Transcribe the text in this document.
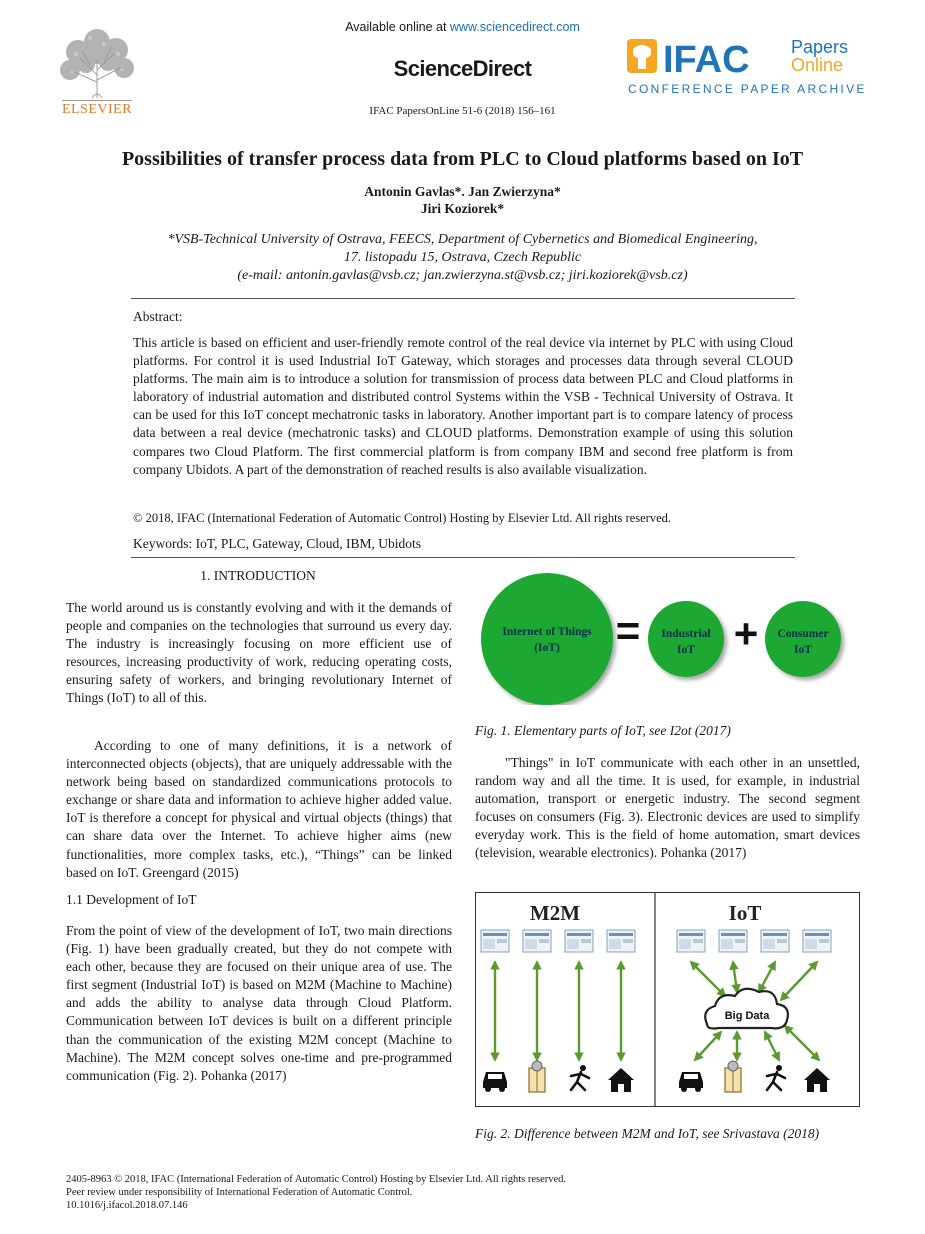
Available online at www.sciencedirect.com
ScienceDirect
IFAC PapersOnLine 51-6 (2018) 156–161
ELSEVIER
IFAC Papers
Online
CONFERENCE PAPER ARCHIVE
Possibilities of transfer process data from PLC to Cloud platforms based on IoT
Antonin Gavlas*. Jan Zwierzyna*
Jiri Koziorek*
*VSB-Technical University of Ostrava, FEECS, Department of Cybernetics and Biomedical Engineering,
17. listopadu 15, Ostrava, Czech Republic
(e-mail: antonin.gavlas@vsb.cz; jan.zwierzyna.st@vsb.cz; jiri.koziorek@vsb.cz)
Abstract:

This article is based on efficient and user-friendly remote control of the real device via internet by PLC with using Cloud platforms. For control it is used Industrial IoT Gateway, which storages and processes data through several CLOUD platforms. The main aim is to introduce a solution for transmission of process data between PLC and Cloud platforms in laboratory of industrial automation and distributed control Systems within the VSB - Technical University of Ostrava. It can be used for this IoT concept mechatronic tasks in laboratory. Another important part is to compare latency of process data between a real device (mechatronic tasks) and CLOUD platforms. Demonstration example of using this solution compares two Cloud Platform. The first commercial platform is from company IBM and second free platform is from company Ubidots. A part of the demonstration of reached results is also available visualization.

© 2018, IFAC (International Federation of Automatic Control) Hosting by Elsevier Ltd. All rights reserved.
Keywords: IoT, PLC, Gateway, Cloud, IBM, Ubidots
1. INTRODUCTION

The world around us is constantly evolving and with it the demands of people and companies on the technologies that surround us every day. The industry is increasingly focusing on more efficient use of resources, increasing productivity of work, reducing operating costs, ensuring safety of workers, and bringing revolutionary Internet of Things (IoT) to all of this.

According to one of many definitions, it is a network of interconnected objects (objects), that are uniquely addressable with the network being based on standardized communications protocols to exchange or share data and information to achieve higher added value. IoT is therefore a concept for physical and virtual objects (things) that can share data over the Internet. To achieve higher aims (new functionalities, more complex tasks, etc.), “Things” can be linked based on IoT. Greengard (2015)

1.1 Development of IoT

From the point of view of the development of IoT, two main directions (Fig. 1) have been gradually created, but they do not compete with each other, because they are focused on their unique area of use. The first segment (Industrial IoT) is based on M2M (Machine to Machine) and adds the ability to analyse data through Cloud Platform. Communication between IoT devices is built on a different principle than the communication of the existing M2M concept (Machine to Machine). The M2M concept solves one-time and pre-programmed communication (Fig. 2). Pohanka (2017)

Internet of Things
(IoT) = Industrial
IoT + Consumer
IoT
Fig. 1. Elementary parts of IoT, see I2ot (2017)

"Things" in IoT communicate with each other in an unsettled, random way and all the time. It is used, for example, in industrial automation, transport or energetic industry. The second segment focuses on consumers (Fig. 3). Electronic devices are used to simplify everyday work. This is the field of home automation, smart devices (television, wearable electronics). Pohanka (2017)

M2M	IoT
Big Data
Fig. 2. Difference between M2M and IoT, see Srivastava (2018)
2405-8963 © 2018, IFAC (International Federation of Automatic Control) Hosting by Elsevier Ltd. All rights reserved.
Peer review under responsibility of International Federation of Automatic Control.
10.1016/j.ifacol.2018.07.146
